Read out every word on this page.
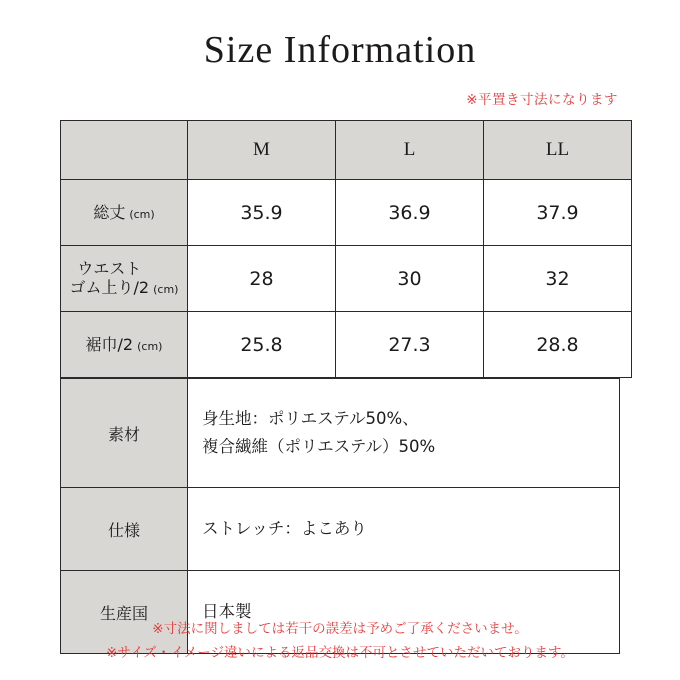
Size Information
※平置き寸法になります
	M	L	LL
総丈 (cm)	35.9	36.9	37.9
ウエスト
ゴム上り/2 (cm)	28	30	32
裾巾/2 (cm)	25.8	27.3	28.8
素材	身生地：ポリエステル50%、
複合繊維（ポリエステル）50%
仕様	ストレッチ：よこあり
生産国	日本製
※寸法に関しましては若干の誤差は予めご了承くださいませ。
※サイズ・イメージ違いによる返品交換は不可とさせていただいております。
